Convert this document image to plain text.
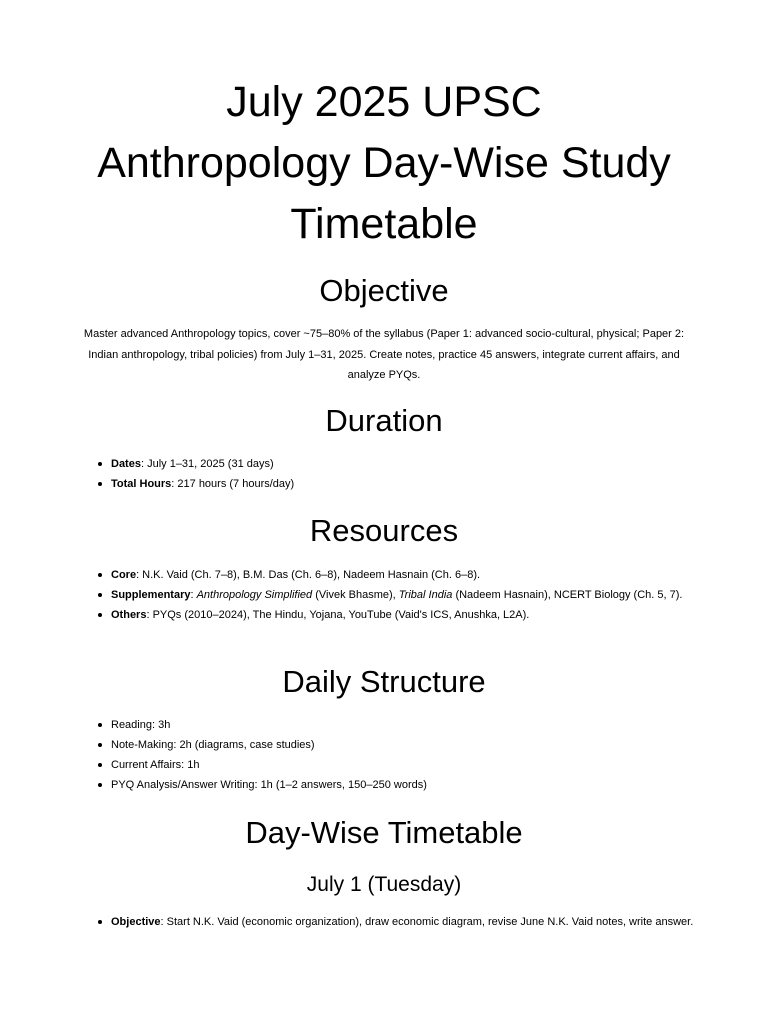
July 2025 UPSC
Anthropology Day-Wise Study
Timetable
Objective

Master advanced Anthropology topics, cover ~75–80% of the syllabus (Paper 1: advanced socio-cultural, physical; Paper 2: Indian anthropology, tribal policies) from July 1–31, 2025. Create notes, practice 45 answers, integrate current affairs, and analyze PYQs.

Duration
Dates: July 1–31, 2025 (31 days)
Total Hours: 217 hours (7 hours/day)
Resources
Core: N.K. Vaid (Ch. 7–8), B.M. Das (Ch. 6–8), Nadeem Hasnain (Ch. 6–8).
Supplementary: Anthropology Simplified (Vivek Bhasme), Tribal India (Nadeem Hasnain), NCERT Biology (Ch. 5, 7).
Others: PYQs (2010–2024), The Hindu, Yojana, YouTube (Vaid's ICS, Anushka, L2A).
Daily Structure
Reading: 3h
Note-Making: 2h (diagrams, case studies)
Current Affairs: 1h
PYQ Analysis/Answer Writing: 1h (1–2 answers, 150–250 words)
Day-Wise Timetable
July 1 (Tuesday)
Objective: Start N.K. Vaid (economic organization), draw economic diagram, revise June N.K. Vaid notes, write answer.
